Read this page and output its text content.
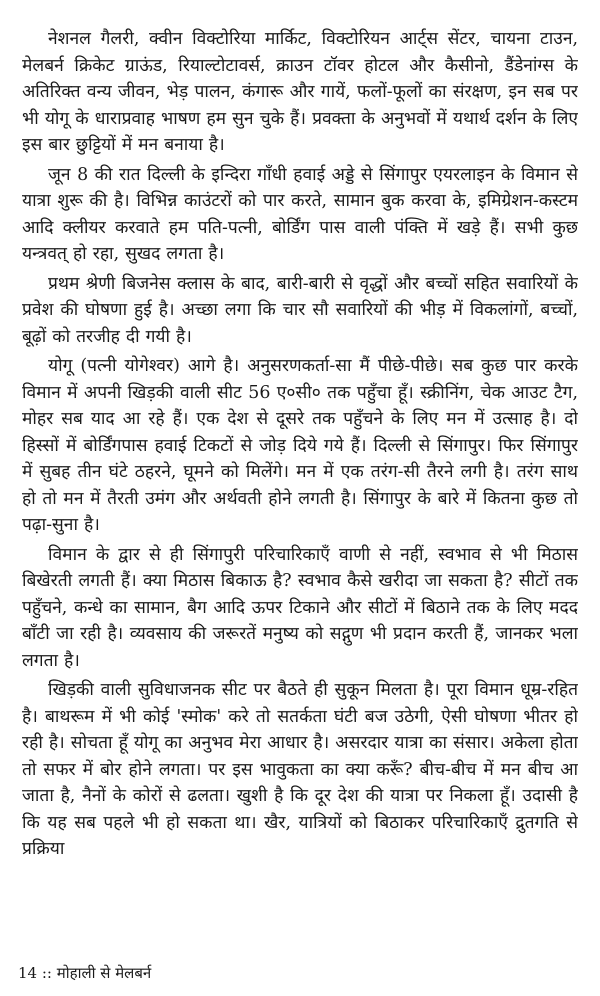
नेशनल गैलरी, क्वीन विक्टोरिया मार्किट, विक्टोरियन आर्ट्स सेंटर, चायना टाउन, मेलबर्न क्रिकेट ग्राऊंड, रियाल्टोटावर्स, क्राउन टॉवर होटल और कैसीनो, डैंडेनांग्स के अतिरिक्त वन्य जीवन, भेड़ पालन, कंगारू और गायें, फलों-फूलों का संरक्षण, इन सब पर भी योगू के धाराप्रवाह भाषण हम सुन चुके हैं। प्रवक्ता के अनुभवों में यथार्थ दर्शन के लिए इस बार छुट्टियों में मन बनाया है।

जून 8 की रात दिल्ली के इन्दिरा गाँधी हवाई अड्डे से सिंगापुर एयरलाइन के विमान से यात्रा शुरू की है। विभिन्न काउंटरों को पार करते, सामान बुक करवा के, इमिग्रेशन-कस्टम आदि क्लीयर करवाते हम पति-पत्नी, बोर्डिंग पास वाली पंक्ति में खड़े हैं। सभी कुछ यन्त्रवत् हो रहा, सुखद लगता है।

प्रथम श्रेणी बिजनेस क्लास के बाद, बारी-बारी से वृद्धों और बच्चों सहित सवारियों के प्रवेश की घोषणा हुई है। अच्छा लगा कि चार सौ सवारियों की भीड़ में विकलांगों, बच्चों, बूढ़ों को तरजीह दी गयी है।

योगू (पत्नी योगेश्वर) आगे है। अनुसरणकर्ता-सा मैं पीछे-पीछे। सब कुछ पार करके विमान में अपनी खिड़की वाली सीट 56 ए०सी० तक पहुँचा हूँ। स्क्रीनिंग, चेक आउट टैग, मोहर सब याद आ रहे हैं। एक देश से दूसरे तक पहुँचने के लिए मन में उत्साह है। दो हिस्सों में बोर्डिंगपास हवाई टिकटों से जोड़ दिये गये हैं। दिल्ली से सिंगापुर। फिर सिंगापुर में सुबह तीन घंटे ठहरने, घूमने को मिलेंगे। मन में एक तरंग-सी तैरने लगी है। तरंग साथ हो तो मन में तैरती उमंग और अर्थवती होने लगती है। सिंगापुर के बारे में कितना कुछ तो पढ़ा-सुना है।

विमान के द्वार से ही सिंगापुरी परिचारिकाएँ वाणी से नहीं, स्वभाव से भी मिठास बिखेरती लगती हैं। क्या मिठास बिकाऊ है? स्वभाव कैसे खरीदा जा सकता है? सीटों तक पहुँचने, कन्धे का सामान, बैग आदि ऊपर टिकाने और सीटों में बिठाने तक के लिए मदद बाँटी जा रही है। व्यवसाय की जरूरतें मनुष्य को सद्गुण भी प्रदान करती हैं, जानकर भला लगता है।

खिड़की वाली सुविधाजनक सीट पर बैठते ही सुकून मिलता है। पूरा विमान धूम्र-रहित है। बाथरूम में भी कोई 'स्मोक' करे तो सतर्कता घंटी बज उठेगी, ऐसी घोषणा भीतर हो रही है। सोचता हूँ योगू का अनुभव मेरा आधार है। असरदार यात्रा का संसार। अकेला होता तो सफर में बोर होने लगता। पर इस भावुकता का क्या करूँ? बीच-बीच में मन बीच आ जाता है, नैनों के कोरों से ढलता। खुशी है कि दूर देश की यात्रा पर निकला हूँ। उदासी है कि यह सब पहले भी हो सकता था। खैर, यात्रियों को बिठाकर परिचारिकाएँ द्रुतगति से प्रक्रिया

14 :: मोहाली से मेलबर्न
